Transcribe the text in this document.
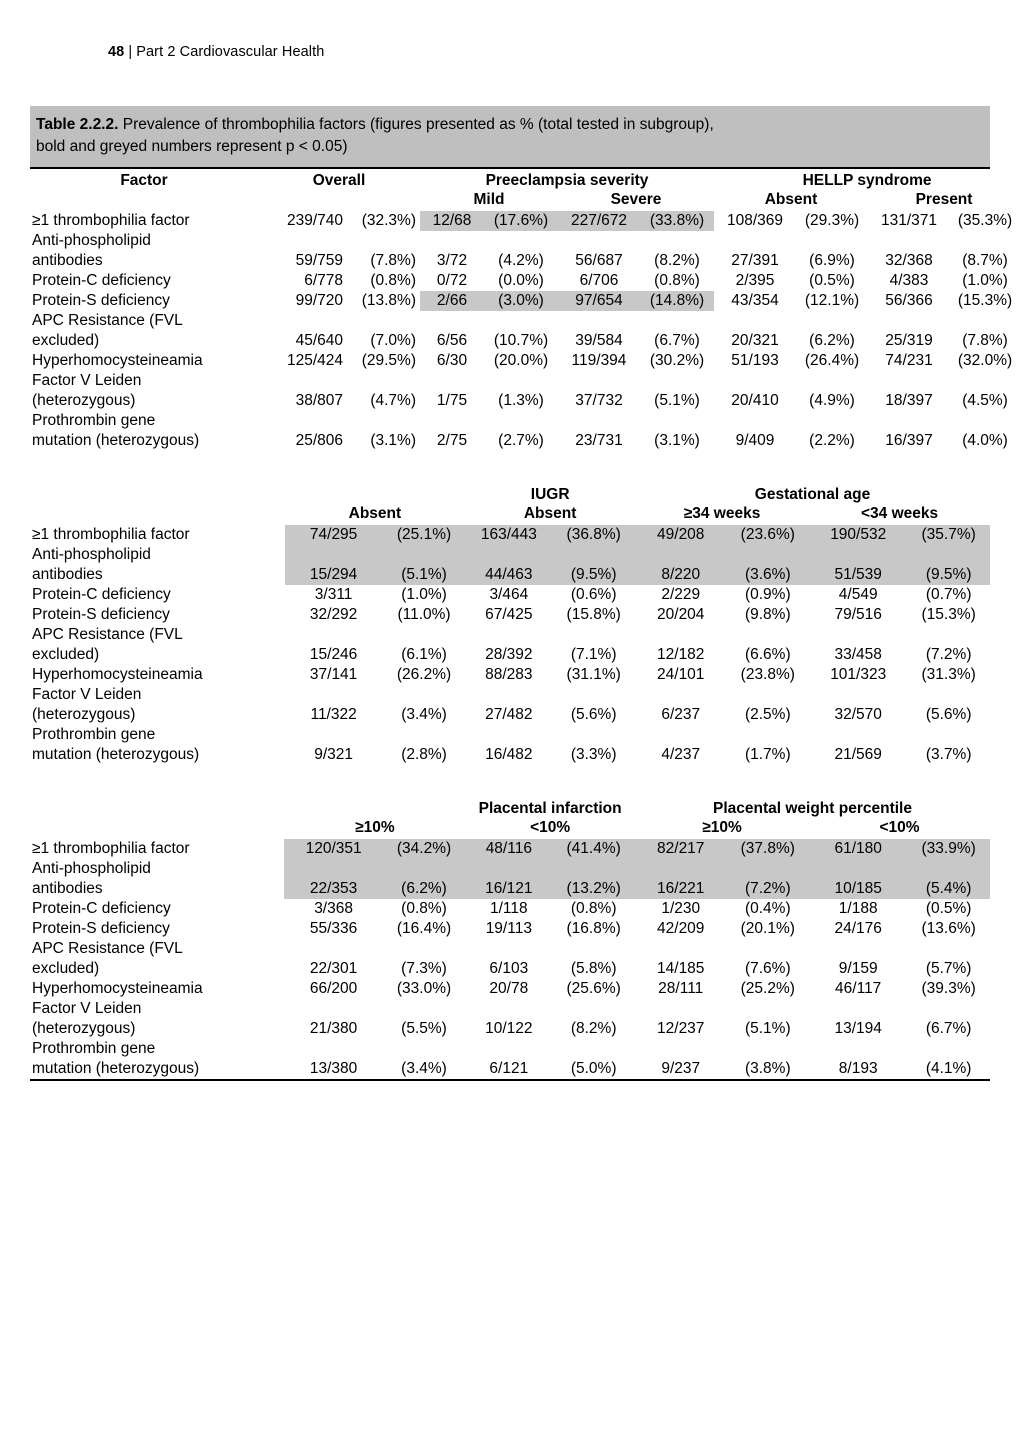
48 | Part 2 Cardiovascular Health
Table 2.2.2. Prevalence of thrombophilia factors (figures presented as % (total tested in subgroup),
bold and greyed numbers represent p < 0.05)
Factor	Overall		Preeclampsia severity				HELLP syndrome			
			Mild		Severe		Absent		Present	
≥1 thrombophilia factor	239/740	(32.3%)	12/68	(17.6%)	227/672	(33.8%)	108/369	(29.3%)	131/371	(35.3%)
Anti-phospholipid										
antibodies	59/759	(7.8%)	3/72	(4.2%)	56/687	(8.2%)	27/391	(6.9%)	32/368	(8.7%)
Protein-C deficiency	6/778	(0.8%)	0/72	(0.0%)	6/706	(0.8%)	2/395	(0.5%)	4/383	(1.0%)
Protein-S deficiency	99/720	(13.8%)	2/66	(3.0%)	97/654	(14.8%)	43/354	(12.1%)	56/366	(15.3%)
APC Resistance (FVL										
excluded)	45/640	(7.0%)	6/56	(10.7%)	39/584	(6.7%)	20/321	(6.2%)	25/319	(7.8%)
Hyperhomocysteineamia	125/424	(29.5%)	6/30	(20.0%)	119/394	(30.2%)	51/193	(26.4%)	74/231	(32.0%)
Factor V Leiden										
(heterozygous)	38/807	(4.7%)	1/75	(1.3%)	37/732	(5.1%)	20/410	(4.9%)	18/397	(4.5%)
Prothrombin gene										
mutation (heterozygous)	25/806	(3.1%)	2/75	(2.7%)	23/731	(3.1%)	9/409	(2.2%)	16/397	(4.0%)
			IUGR		Gestational age			
	Absent		Absent		≥34 weeks		<34 weeks	
≥1 thrombophilia factor	74/295	(25.1%)	163/443	(36.8%)	49/208	(23.6%)	190/532	(35.7%)
Anti-phospholipid								
antibodies	15/294	(5.1%)	44/463	(9.5%)	8/220	(3.6%)	51/539	(9.5%)
Protein-C deficiency	3/311	(1.0%)	3/464	(0.6%)	2/229	(0.9%)	4/549	(0.7%)
Protein-S deficiency	32/292	(11.0%)	67/425	(15.8%)	20/204	(9.8%)	79/516	(15.3%)
APC Resistance (FVL								
excluded)	15/246	(6.1%)	28/392	(7.1%)	12/182	(6.6%)	33/458	(7.2%)
Hyperhomocysteineamia	37/141	(26.2%)	88/283	(31.1%)	24/101	(23.8%)	101/323	(31.3%)
Factor V Leiden								
(heterozygous)	11/322	(3.4%)	27/482	(5.6%)	6/237	(2.5%)	32/570	(5.6%)
Prothrombin gene								
mutation (heterozygous)	9/321	(2.8%)	16/482	(3.3%)	4/237	(1.7%)	21/569	(3.7%)
			Placental infarction		Placental weight percentile			
	≥10%		<10%		≥10%		<10%	
≥1 thrombophilia factor	120/351	(34.2%)	48/116	(41.4%)	82/217	(37.8%)	61/180	(33.9%)
Anti-phospholipid								
antibodies	22/353	(6.2%)	16/121	(13.2%)	16/221	(7.2%)	10/185	(5.4%)
Protein-C deficiency	3/368	(0.8%)	1/118	(0.8%)	1/230	(0.4%)	1/188	(0.5%)
Protein-S deficiency	55/336	(16.4%)	19/113	(16.8%)	42/209	(20.1%)	24/176	(13.6%)
APC Resistance (FVL								
excluded)	22/301	(7.3%)	6/103	(5.8%)	14/185	(7.6%)	9/159	(5.7%)
Hyperhomocysteineamia	66/200	(33.0%)	20/78	(25.6%)	28/111	(25.2%)	46/117	(39.3%)
Factor V Leiden								
(heterozygous)	21/380	(5.5%)	10/122	(8.2%)	12/237	(5.1%)	13/194	(6.7%)
Prothrombin gene								
mutation (heterozygous)	13/380	(3.4%)	6/121	(5.0%)	9/237	(3.8%)	8/193	(4.1%)
